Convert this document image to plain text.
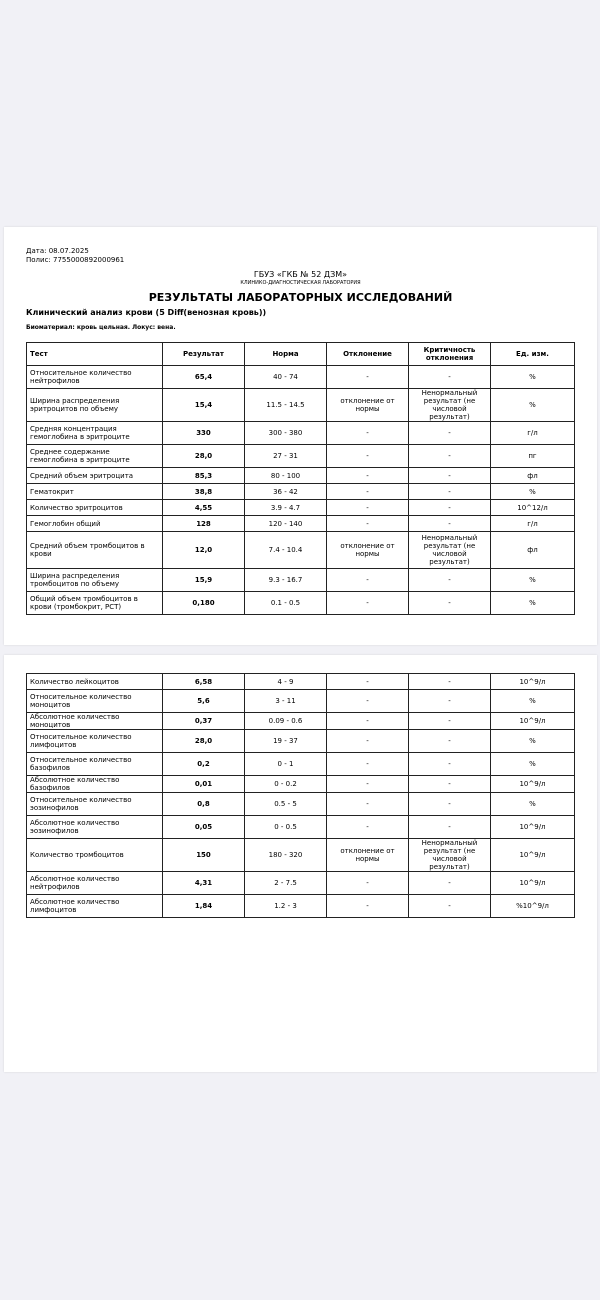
Дата: 08.07.2025
Полис: 7755000892000961
ГБУЗ «ГКБ № 52 ДЗМ»
КЛИНИКО-ДИАГНОСТИЧЕСКАЯ ЛАБОРАТОРИЯ
РЕЗУЛЬТАТЫ ЛАБОРАТОРНЫХ ИССЛЕДОВАНИЙ
Клинический анализ крови (5 Diff(венозная кровь))
Биоматериал: кровь цельная. Локус: вена.
Тест	Результат	Норма	Отклонение	Критичность отклонения	Ед. изм.
Относительное количество нейтрофилов	65,4	40 - 74	-	-	%
Ширина распределения эритроцитов по объему	15,4	11.5 - 14.5	отклонение от нормы	Ненормальный результат (не числовой результат)	%
Средняя концентрация гемоглобина в эритроците	330	300 - 380	-	-	г/л
Среднее содержание гемоглобина в эритроците	28,0	27 - 31	-	-	пг
Средний объем эритроцита	85,3	80 - 100	-	-	фл
Гематокрит	38,8	36 - 42	-	-	%
Количество эритроцитов	4,55	3.9 - 4.7	-	-	10^12/л
Гемоглобин общий	128	120 - 140	-	-	г/л
Средний объем тромбоцитов в крови	12,0	7.4 - 10.4	отклонение от нормы	Ненормальный результат (не числовой результат)	фл
Ширина распределения тромбоцитов по объему	15,9	9.3 - 16.7	-	-	%
Общий объем тромбоцитов в крови (тромбокрит, PCT)	0,180	0.1 - 0.5	-	-	%
Количество лейкоцитов	6,58	4 - 9	-	-	10^9/л
Относительное количество моноцитов	5,6	3 - 11	-	-	%
Абсолютное количество моноцитов	0,37	0.09 - 0.6	-	-	10^9/л
Относительное количество лимфоцитов	28,0	19 - 37	-	-	%
Относительное количество базофилов	0,2	0 - 1	-	-	%
Абсолютное количество базофилов	0,01	0 - 0.2	-	-	10^9/л
Относительное количество эозинофилов	0,8	0.5 - 5	-	-	%
Абсолютное количество эозинофилов	0,05	0 - 0.5	-	-	10^9/л
Количество тромбоцитов	150	180 - 320	отклонение от нормы	Ненормальный результат (не числовой результат)	10^9/л
Абсолютное количество нейтрофилов	4,31	2 - 7.5	-	-	10^9/л
Абсолютное количество лимфоцитов	1,84	1.2 - 3	-	-	%10^9/л
